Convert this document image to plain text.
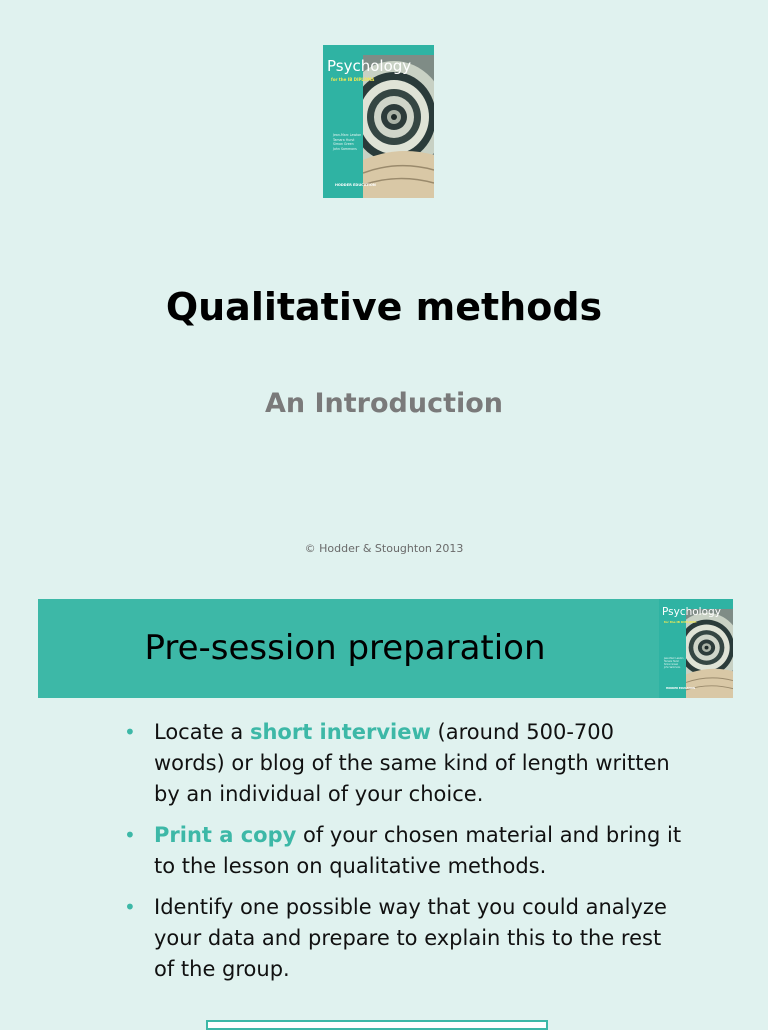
Psychology
for the IB DIPLOMA
Jean-Marc Lawton
Tamara Hurst
Simon Green
John Sammons
HODDER EDUCATION
Qualitative methods
An Introduction
© Hodder & Stoughton 2013
Pre-session preparation
Psychology
for the IB DIPLOMA
Jean-Marc Lawton
Tamara Hurst
Simon Green
John Sammons
HODDER EDUCATION
• Locate a short interview (around 500-700 words) or blog of the same kind of length written by an individual of your choice.
• Print a copy of your chosen material and bring it to the lesson on qualitative methods.
• Identify one possible way that you could analyze your data and prepare to explain this to the rest of the group.
